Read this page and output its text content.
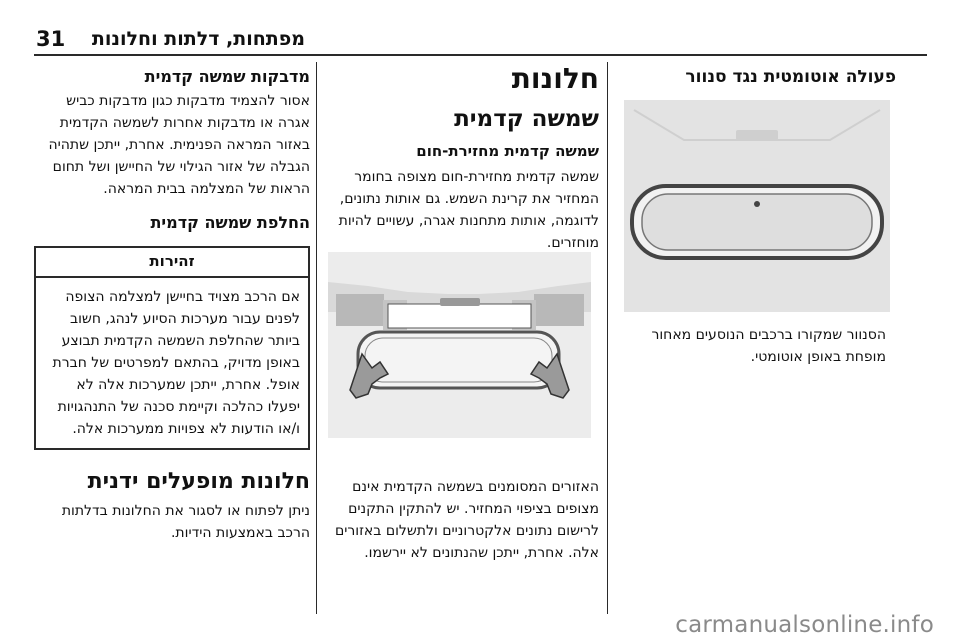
מפתחות, דלתות וחלונות
31
מדבקות שמשה קדמית

אסור להצמיד מדבקות כגון מדבקות כביש אגרה או מדבקות אחרות לשמשה הקדמית באזור המראה הפנימית. אחרת, ייתכן שתהיה הגבלה של אזור הגילוי של החיישן ושל תחום הראות של המצלמה בבית המראה.

החלפת שמשה קדמית
זהירות
אם הרכב מצויד בחיישן למצלמה הצופה לפנים עבור מערכות הסיוע לנהג, חשוב ביותר שהחלפת השמשה הקדמית תבוצע באופן מדויק, בהתאם למפרטים של חברת אופל. אחרת, ייתכן שמערכות אלה לא יפעלו כהלכה וקיימת סכנה של התנהגויות ו/או הודעות לא צפויות ממערכות אלה.
חלונות מופעלים ידנית

ניתן לפתוח או לסגור את החלונות בדלתות הרכב באמצעות הידיות.

חלונות
שמשה קדמית
שמשה קדמית מחזירת-חום

שמשה קדמית מחזירת-חום מצופה בחומר המחזיר את קרינת השמש. גם אותות נתונים, לדוגמה, אותות מתחנות אגרה, עשויים להיות מוחזרים.

האזורים המסומנים בשמשה הקדמית אינם מצופים בציפוי המחזיר. יש להתקין התקנים לרישום נתונים אלקטרוניים ולתשלום באזורים אלה. אחרת, ייתכן שהנתונים לא יירשמו.

פעולה אוטומטית נגד סנוור

הסנוור שמקורו ברכבים הנוסעים מאחור מופחת באופן אוטומטי.

carmanualsonline.info
